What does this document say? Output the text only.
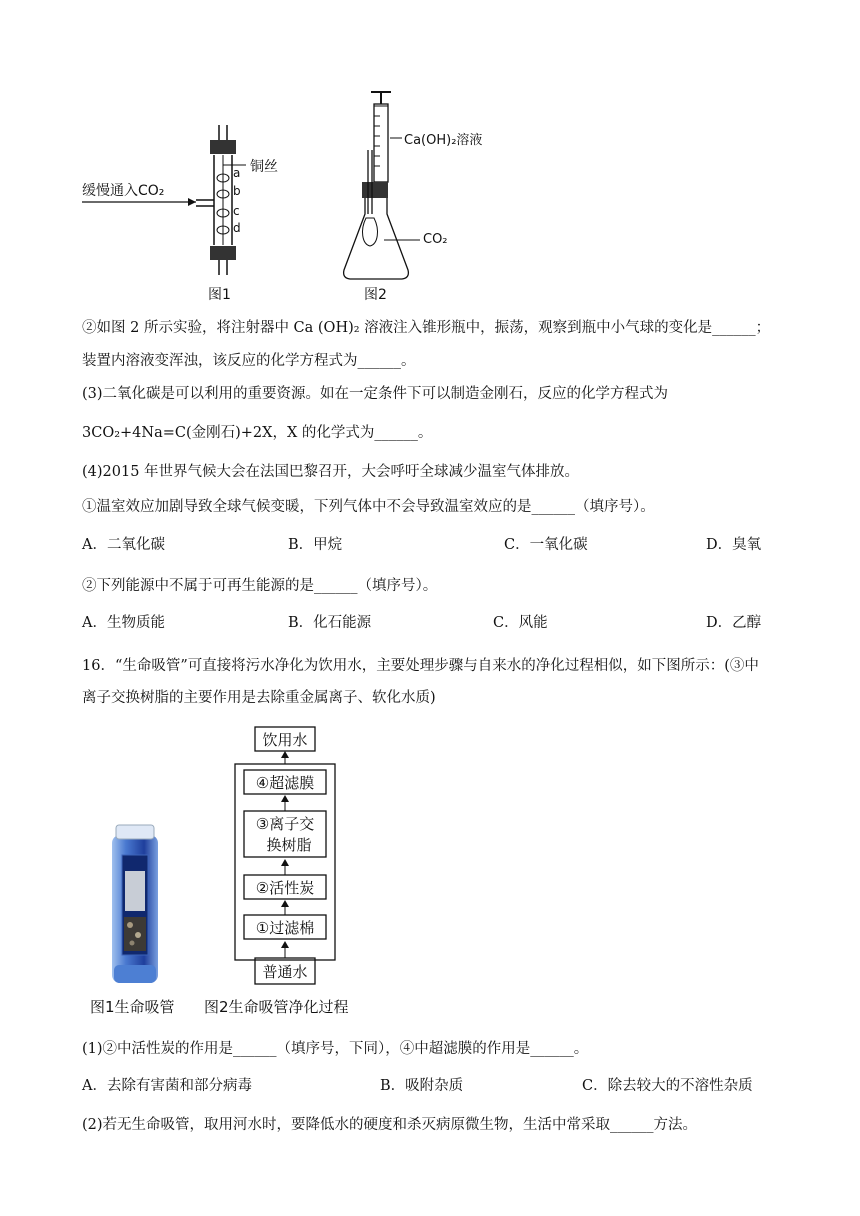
缓慢通入CO₂
铜丝
a
b
c
d
图1
Ca(OH)₂溶液
CO₂
图2
②如图 2 所示实验，将注射器中 Ca (OH)₂ 溶液注入锥形瓶中，振荡，观察到瓶中小气球的变化是______；
装置内溶液变浑浊，该反应的化学方程式为______。
(3)二氧化碳是可以利用的重要资源。如在一定条件下可以制造金刚石，反应的化学方程式为
3CO₂+4Na=C(金刚石)+2X，X 的化学式为______。
(4)2015 年世界气候大会在法国巴黎召开，大会呼吁全球减少温室气体排放。
①温室效应加剧导致全球气候变暖，下列气体中不会导致温室效应的是______（填序号）。
A．二氧化碳	B．甲烷	C．一氧化碳	D．臭氧
②下列能源中不属于可再生能源的是______（填序号）。
A．生物质能	B．化石能源	C．风能	D．乙醇
16．“生命吸管”可直接将污水净化为饮用水，主要处理步骤与自来水的净化过程相似，如下图所示：(③中
离子交换树脂的主要作用是去除重金属离子、软化水质)
饮用水
④超滤膜
③离子交
换树脂
②活性炭
①过滤棉
普通水
图1生命吸管 图2生命吸管净化过程
(1)②中活性炭的作用是______（填序号，下同），④中超滤膜的作用是______。
A．去除有害菌和部分病毒	B．吸附杂质	C．除去较大的不溶性杂质
(2)若无生命吸管，取用河水时，要降低水的硬度和杀灭病原微生物，生活中常采取______方法。
